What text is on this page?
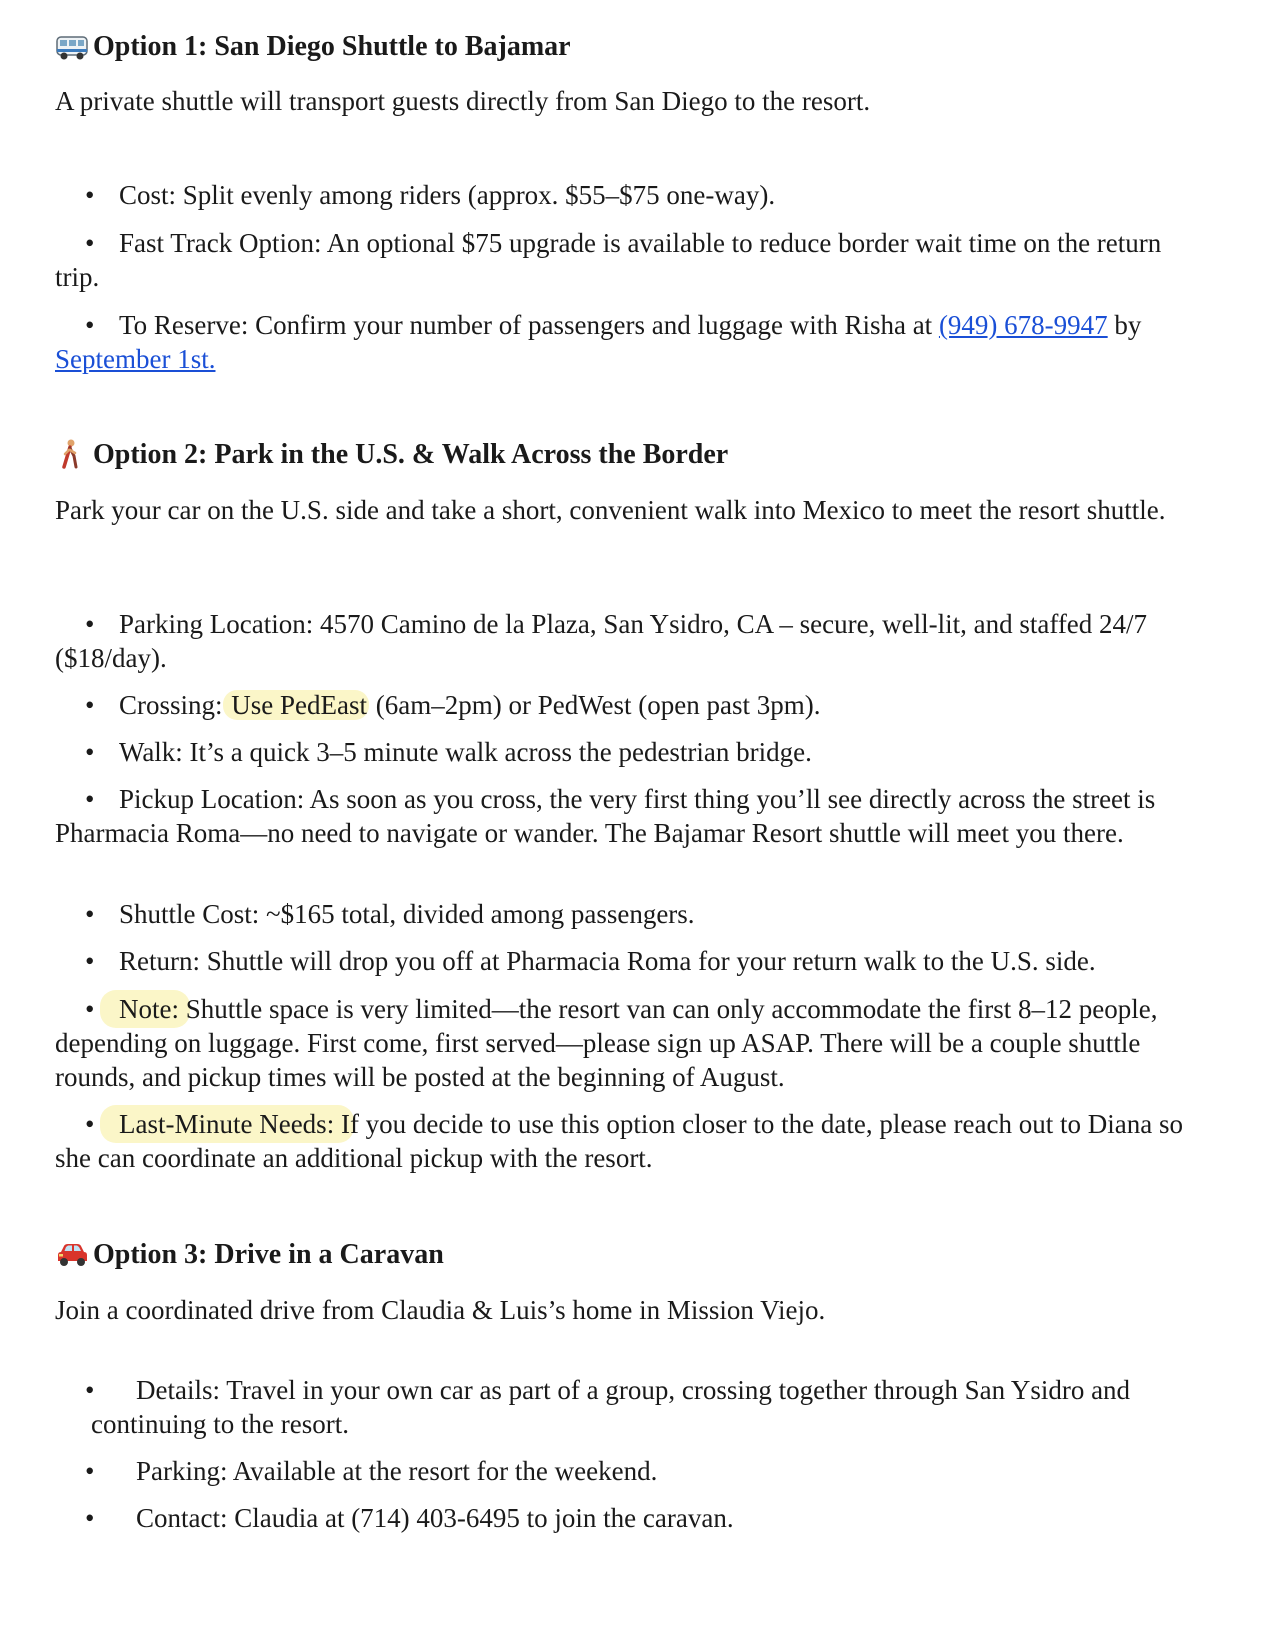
Option 1: San Diego Shuttle to Bajamar

A private shuttle will transport guests directly from San Diego to the resort.

• Cost: Split evenly among riders (approx. $55–$75 one-way).

• Fast Track Option: An optional $75 upgrade is available to reduce border wait time on the return trip.

• To Reserve: Confirm your number of passengers and luggage with Risha at (949) 678-9947 by September 1st.

Option 2: Park in the U.S. & Walk Across the Border

Park your car on the U.S. side and take a short, convenient walk into Mexico to meet the resort shuttle.

• Parking Location: 4570 Camino de la Plaza, San Ysidro, CA – secure, well-lit, and staffed 24/7 ($18/day).

• Crossing: Use PedEast (6am–2pm) or PedWest (open past 3pm).

• Walk: It’s a quick 3–5 minute walk across the pedestrian bridge.

• Pickup Location: As soon as you cross, the very first thing you’ll see directly across the street is Pharmacia Roma—no need to navigate or wander. The Bajamar Resort shuttle will meet you there.

• Shuttle Cost: ~$165 total, divided among passengers.

• Return: Shuttle will drop you off at Pharmacia Roma for your return walk to the U.S. side.

• Note: Shuttle space is very limited—the resort van can only accommodate the first 8–12 people, depending on luggage. First come, first served—please sign up ASAP. There will be a couple shuttle rounds, and pickup times will be posted at the beginning of August.

• Last-Minute Needs: If you decide to use this option closer to the date, please reach out to Diana so she can coordinate an additional pickup with the resort.

Option 3: Drive in a Caravan

Join a coordinated drive from Claudia & Luis’s home in Mission Viejo.

• Details: Travel in your own car as part of a group, crossing together through San Ysidro and continuing to the resort.

• Parking: Available at the resort for the weekend.

• Contact: Claudia at (714) 403-6495 to join the caravan.
